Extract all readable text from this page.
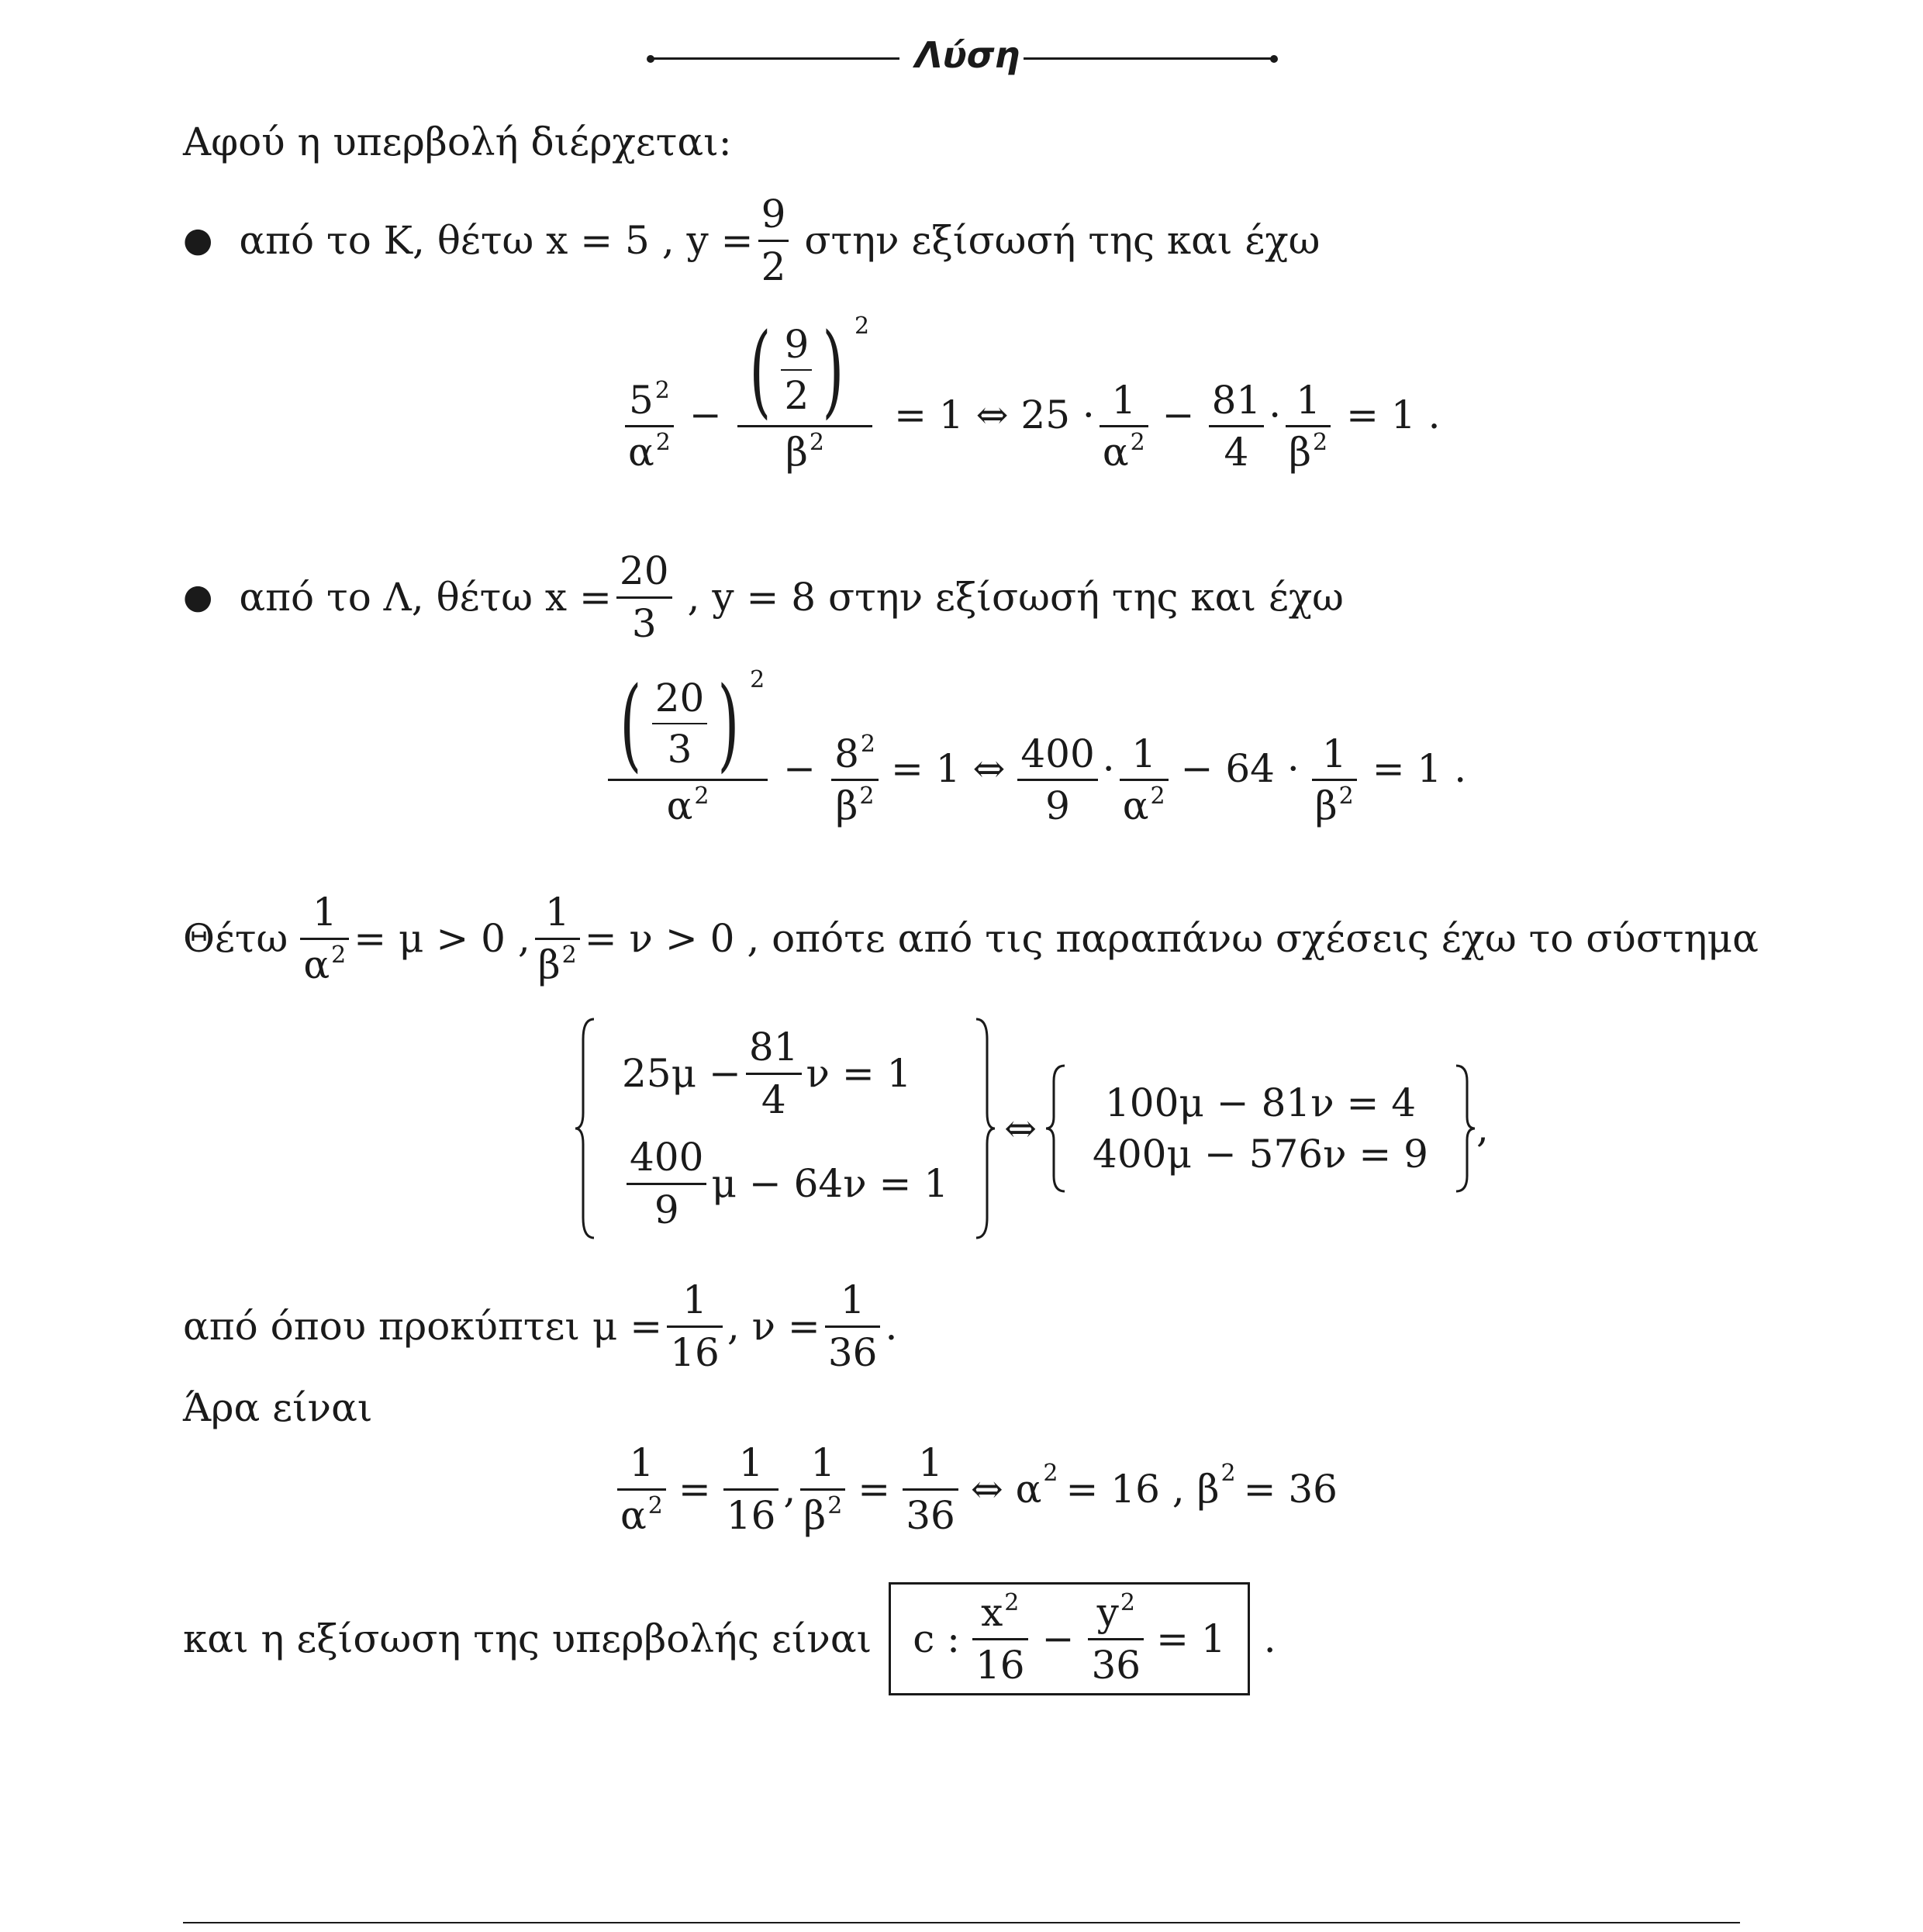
Λύση
Αφού η υπερβολή διέρχεται:
● από το Κ, θέτω x = 5 , $y = \frac{9}{2}$ στην εξίσωσή της και έχω
$\frac{5^2}{\alpha^2} - \frac{( \frac{9}{2} ) 2}{\beta^2} = 1$ ⇔ $25 \cdot \frac{1}{\alpha^2} - \frac{81}{4} \cdot \frac{1}{\beta^2} = 1$ .
● από το Λ, θέτω $x = \frac{20}{3}$ , y = 8 στην εξίσωσή της και έχω
$\frac{( \frac{20}{3} ) 2}{\alpha^2} - \frac{8^2}{\beta^2} = 1$ ⇔ $\frac{400}{9} \cdot \frac{1}{\alpha^2} - 64 \cdot \frac{1}{\beta^2} = 1$ .
Θέτω $\frac{1}{\alpha^2} = \mu > 0$ , $\frac{1}{\beta^2} = \nu > 0$ , οπότε από τις παραπάνω σχέσεις έχω το σύστημα
$25\mu - \frac{81}{4}$ ν = 1
$\frac{400}{9}$ μ − 64ν = 1
⇔
100μ − 81ν = 4
400μ − 576ν = 9
,
από όπου προκύπτει $\mu = \frac{1}{16}$ , $\nu = \frac{1}{36}$ .
Άρα είναι
$\frac{1}{\alpha^2} = \frac{1}{16}$ , $\frac{1}{\beta^2} = \frac{1}{36}$ ⇔ α 2 = 16 , β 2 = 36
και η εξίσωση της υπερβολής είναι c : $\frac{x^2}{16} - \frac{y^2}{36} = 1$ .
